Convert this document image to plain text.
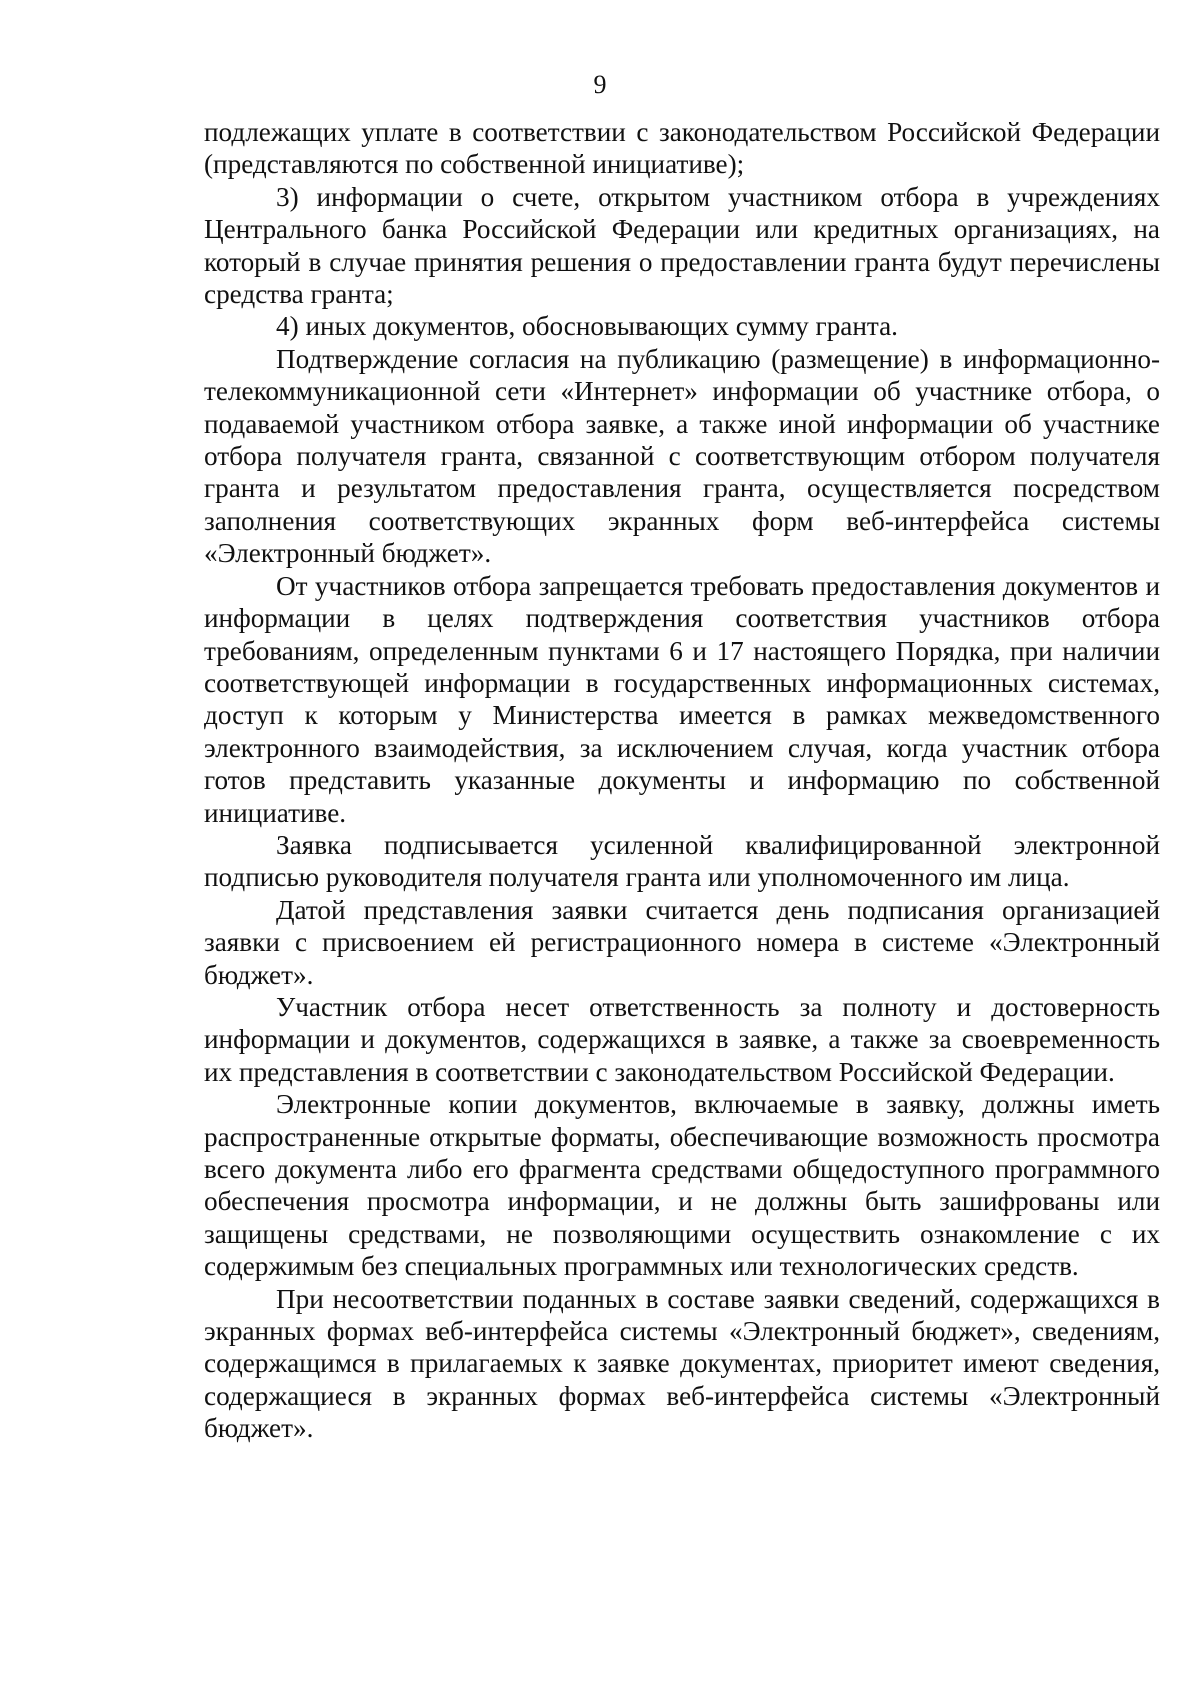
9

подлежащих уплате в соответствии с законодательством Российской Федерации (представляются по собственной инициативе);

3) информации о счете, открытом участником отбора в учреждениях Центрального банка Российской Федерации или кредитных организациях, на который в случае принятия решения о предоставлении гранта будут перечислены средства гранта;

4) иных документов, обосновывающих сумму гранта.

Подтверждение согласия на публикацию (размещение) в информационно-телекоммуникационной сети «Интернет» информации об участнике отбора, о подаваемой участником отбора заявке, а также иной информации об участнике отбора получателя гранта, связанной с соответствующим отбором получателя гранта и результатом предоставления гранта, осуществляется посредством заполнения соответствующих экранных форм веб-интерфейса системы «Электронный бюджет».

От участников отбора запрещается требовать предоставления документов и информации в целях подтверждения соответствия участников отбора требованиям, определенным пунктами 6 и 17 настоящего Порядка, при наличии соответствующей информации в государственных информационных системах, доступ к которым у Министерства имеется в рамках межведомственного электронного взаимодействия, за исключением случая, когда участник отбора готов представить указанные документы и информацию по собственной инициативе.

Заявка подписывается усиленной квалифицированной электронной подписью руководителя получателя гранта или уполномоченного им лица.

Датой представления заявки считается день подписания организацией заявки с присвоением ей регистрационного номера в системе «Электронный бюджет».

Участник отбора несет ответственность за полноту и достоверность информации и документов, содержащихся в заявке, а также за своевременность их представления в соответствии с законодательством Российской Федерации.

Электронные копии документов, включаемые в заявку, должны иметь распространенные открытые форматы, обеспечивающие возможность просмотра всего документа либо его фрагмента средствами общедоступного программного обеспечения просмотра информации, и не должны быть зашифрованы или защищены средствами, не позволяющими осуществить ознакомление с их содержимым без специальных программных или технологических средств.

При несоответствии поданных в составе заявки сведений, содержащихся в экранных формах веб-интерфейса системы «Электронный бюджет», сведениям, содержащимся в прилагаемых к заявке документах, приоритет имеют сведения, содержащиеся в экранных формах веб-интерфейса системы «Электронный бюджет».
